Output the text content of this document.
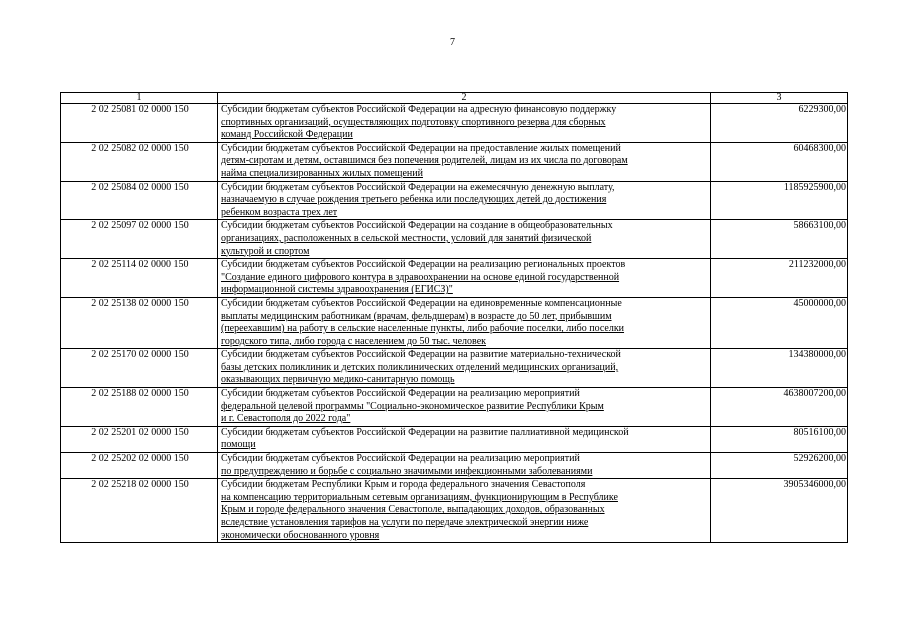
7
1	2	3
2 02 25081 02 0000 150	Субсидии бюджетам субъектов Российской Федерации на адресную финансовую поддержку
спортивных организаций, осуществляющих подготовку спортивного резерва для сборных
команд Российской Федерации	6229300,00
2 02 25082 02 0000 150	Субсидии бюджетам субъектов Российской Федерации на предоставление жилых помещений
детям-сиротам и детям, оставшимся без попечения родителей, лицам из их числа по договорам
найма специализированных жилых помещений	60468300,00
2 02 25084 02 0000 150	Субсидии бюджетам субъектов Российской Федерации на ежемесячную денежную выплату,
назначаемую в случае рождения третьего ребенка или последующих детей до достижения
ребенком возраста трех лет	1185925900,00
2 02 25097 02 0000 150	Субсидии бюджетам субъектов Российской Федерации на создание в общеобразовательных
организациях, расположенных в сельской местности, условий для занятий физической
культурой и спортом	58663100,00
2 02 25114 02 0000 150	Субсидии бюджетам субъектов Российской Федерации на реализацию региональных проектов
"Создание единого цифрового контура в здравоохранении на основе единой государственной
информационной системы здравоохранения (ЕГИСЗ)"	211232000,00
2 02 25138 02 0000 150	Субсидии бюджетам субъектов Российской Федерации на единовременные компенсационные
выплаты медицинским работникам (врачам, фельдшерам) в возрасте до 50 лет, прибывшим
(переехавшим) на работу в сельские населенные пункты, либо рабочие поселки, либо поселки
городского типа, либо города с населением до 50 тыс. человек	45000000,00
2 02 25170 02 0000 150	Субсидии бюджетам субъектов Российской Федерации на развитие материально-технической
базы детских поликлиник и детских поликлинических отделений медицинских организаций,
оказывающих первичную медико-санитарную помощь	134380000,00
2 02 25188 02 0000 150	Субсидии бюджетам субъектов Российской Федерации на реализацию мероприятий
федеральной целевой программы "Социально-экономическое развитие Республики Крым
и г. Севастополя до 2022 года"	4638007200,00
2 02 25201 02 0000 150	Субсидии бюджетам субъектов Российской Федерации на развитие паллиативной медицинской
помощи	80516100,00
2 02 25202 02 0000 150	Субсидии бюджетам субъектов Российской Федерации на реализацию мероприятий
по предупреждению и борьбе с социально значимыми инфекционными заболеваниями	52926200,00
2 02 25218 02 0000 150	Субсидии бюджетам Республики Крым и города федерального значения Севастополя
на компенсацию территориальным сетевым организациям, функционирующим в Республике
Крым и городе федерального значения Севастополе, выпадающих доходов, образованных
вследствие установления тарифов на услуги по передаче электрической энергии ниже
экономически обоснованного уровня	3905346000,00
